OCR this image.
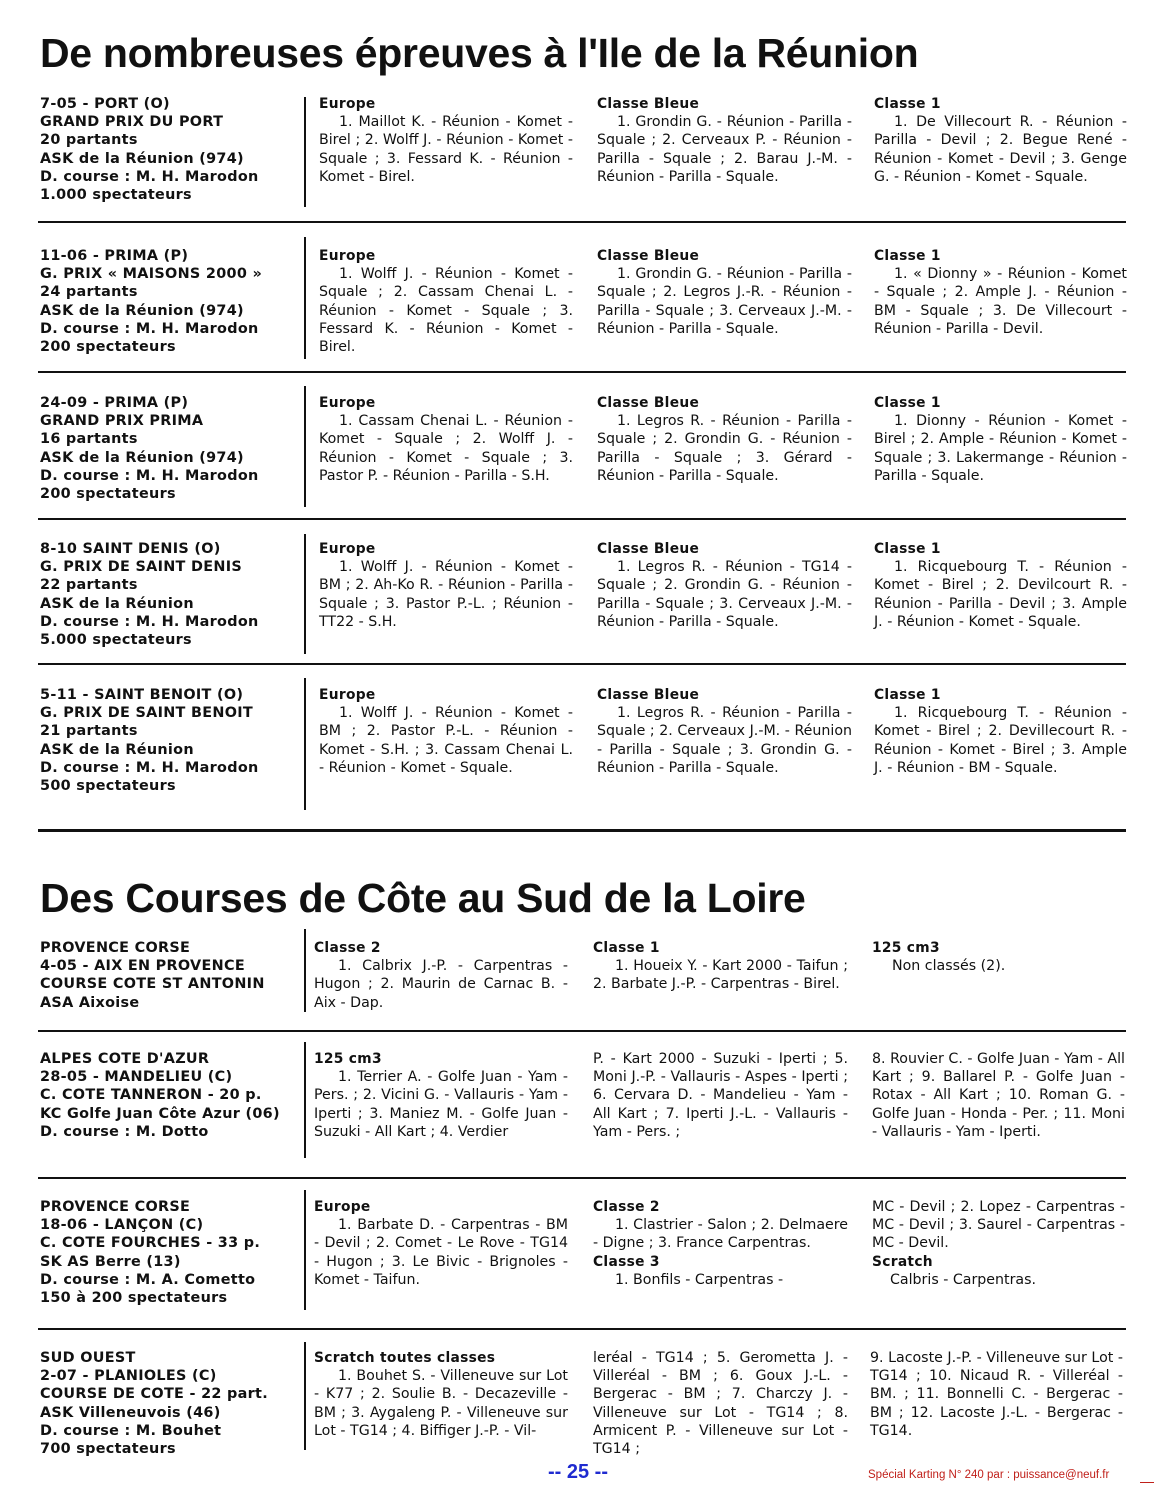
De nombreuses épreuves à l'Ile de la Réunion
7-05 - PORT (O)
GRAND PRIX DU PORT
20 partants
ASK de la Réunion (974)
D. course : M. H. Marodon
1.000 spectateurs
Europe
1. Maillot K. - Réunion - Komet - Birel ; 2. Wolff J. - Réunion - Komet - Squale ; 3. Fessard K. - Réunion - Komet - Birel.
Classe Bleue
1. Grondin G. - Réunion - Parilla - Squale ; 2. Cerveaux P. - Réunion - Parilla - Squale ; 2. Barau J.-M. - Réunion - Parilla - Squale.
Classe 1
1. De Villecourt R. - Réunion - Parilla - Devil ; 2. Begue René - Réunion - Komet - Devil ; 3. Genge G. - Réunion - Komet - Squale.
11-06 - PRIMA (P)
G. PRIX « MAISONS 2000 »
24 partants
ASK de la Réunion (974)
D. course : M. H. Marodon
200 spectateurs
Europe
1. Wolff J. - Réunion - Komet - Squale ; 2. Cassam Chenai L. - Réunion - Komet - Squale ; 3. Fessard K. - Réunion - Komet - Birel.
Classe Bleue
1. Grondin G. - Réunion - Parilla - Squale ; 2. Legros J.-R. - Réunion - Parilla - Squale ; 3. Cerveaux J.-M. - Réunion - Parilla - Squale.
Classe 1
1. « Dionny » - Réunion - Komet - Squale ; 2. Ample J. - Réunion - BM - Squale ; 3. De Villecourt - Réunion - Parilla - Devil.
24-09 - PRIMA (P)
GRAND PRIX PRIMA
16 partants
ASK de la Réunion (974)
D. course : M. H. Marodon
200 spectateurs
Europe
1. Cassam Chenai L. - Réunion - Komet - Squale ; 2. Wolff J. - Réunion - Komet - Squale ; 3. Pastor P. - Réunion - Parilla - S.H.
Classe Bleue
1. Legros R. - Réunion - Parilla - Squale ; 2. Grondin G. - Réunion - Parilla - Squale ; 3. Gérard - Réunion - Parilla - Squale.
Classe 1
1. Dionny - Réunion - Komet - Birel ; 2. Ample - Réunion - Komet - Squale ; 3. Lakermange - Réunion - Parilla - Squale.
8-10 SAINT DENIS (O)
G. PRIX DE SAINT DENIS
22 partants
ASK de la Réunion
D. course : M. H. Marodon
5.000 spectateurs
Europe
1. Wolff J. - Réunion - Komet - BM ; 2. Ah-Ko R. - Réunion - Parilla - Squale ; 3. Pastor P.-L. ; Réunion - TT22 - S.H.
Classe Bleue
1. Legros R. - Réunion - TG14 - Squale ; 2. Grondin G. - Réunion - Parilla - Squale ; 3. Cerveaux J.-M. - Réunion - Parilla - Squale.
Classe 1
1. Ricquebourg T. - Réunion - Komet - Birel ; 2. Devilcourt R. - Réunion - Parilla - Devil ; 3. Ample J. - Réunion - Komet - Squale.
5-11 - SAINT BENOIT (O)
G. PRIX DE SAINT BENOIT
21 partants
ASK de la Réunion
D. course : M. H. Marodon
500 spectateurs
Europe
1. Wolff J. - Réunion - Komet - BM ; 2. Pastor P.-L. - Réunion - Komet - S.H. ; 3. Cassam Chenai L. - Réunion - Komet - Squale.
Classe Bleue
1. Legros R. - Réunion - Parilla - Squale ; 2. Cerveaux J.-M. - Réunion - Parilla - Squale ; 3. Grondin G. - Réunion - Parilla - Squale.
Classe 1
1. Ricquebourg T. - Réunion - Komet - Birel ; 2. Devillecourt R. - Réunion - Komet - Birel ; 3. Ample J. - Réunion - BM - Squale.
Des Courses de Côte au Sud de la Loire
PROVENCE CORSE
4-05 - AIX EN PROVENCE
COURSE COTE ST ANTONIN
ASA Aixoise
Classe 2
1. Calbrix J.-P. - Carpentras - Hugon ; 2. Maurin de Carnac B. - Aix - Dap.
Classe 1
1. Houeix Y. - Kart 2000 - Taifun ; 2. Barbate J.-P. - Carpentras - Birel.
125 cm3
Non classés (2).
ALPES COTE D'AZUR
28-05 - MANDELIEU (C)
C. COTE TANNERON - 20 p.
KC Golfe Juan Côte Azur (06)
D. course : M. Dotto
125 cm3
1. Terrier A. - Golfe Juan - Yam - Pers. ; 2. Vicini G. - Vallauris - Yam - Iperti ; 3. Maniez M. - Golfe Juan - Suzuki - All Kart ; 4. Verdier
P. - Kart 2000 - Suzuki - Iperti ; 5. Moni J.-P. - Vallauris - Aspes - Iperti ; 6. Cervara D. - Mandelieu - Yam - All Kart ; 7. Iperti J.-L. - Vallauris - Yam - Pers. ;
8. Rouvier C. - Golfe Juan - Yam - All Kart ; 9. Ballarel P. - Golfe Juan - Rotax - All Kart ; 10. Roman G. - Golfe Juan - Honda - Per. ; 11. Moni - Vallauris - Yam - Iperti.
PROVENCE CORSE
18-06 - LANÇON (C)
C. COTE FOURCHES - 33 p.
SK AS Berre (13)
D. course : M. A. Cometto
150 à 200 spectateurs
Europe
1. Barbate D. - Carpentras - BM - Devil ; 2. Comet - Le Rove - TG14 - Hugon ; 3. Le Bivic - Brignoles - Komet - Taifun.
Classe 2
1. Clastrier - Salon ; 2. Delmaere - Digne ; 3. France Carpentras.
Classe 3
1. Bonfils - Carpentras -
MC - Devil ; 2. Lopez - Carpentras - MC - Devil ; 3. Saurel - Carpentras - MC - Devil.
Scratch
Calbris - Carpentras.
SUD OUEST
2-07 - PLANIOLES (C)
COURSE DE COTE - 22 part.
ASK Villeneuvois (46)
D. course : M. Bouhet
700 spectateurs
Scratch toutes classes
1. Bouhet S. - Villeneuve sur Lot - K77 ; 2. Soulie B. - Decazeville - BM ; 3. Aygaleng P. - Villeneuve sur Lot - TG14 ; 4. Biffiger J.-P. - Vil-
leréal - TG14 ; 5. Gerometta J. - Villeréal - BM ; 6. Goux J.-L. - Bergerac - BM ; 7. Charczy J. - Villeneuve sur Lot - TG14 ; 8. Armicent P. - Villeneuve sur Lot - TG14 ;
9. Lacoste J.-P. - Villeneuve sur Lot - TG14 ; 10. Nicaud R. - Villeréal - BM. ; 11. Bonnelli C. - Bergerac - BM ; 12. Lacoste J.-L. - Bergerac - TG14.
-- 25 --	Spécial Karting N° 240 par : puissance@neuf.fr
